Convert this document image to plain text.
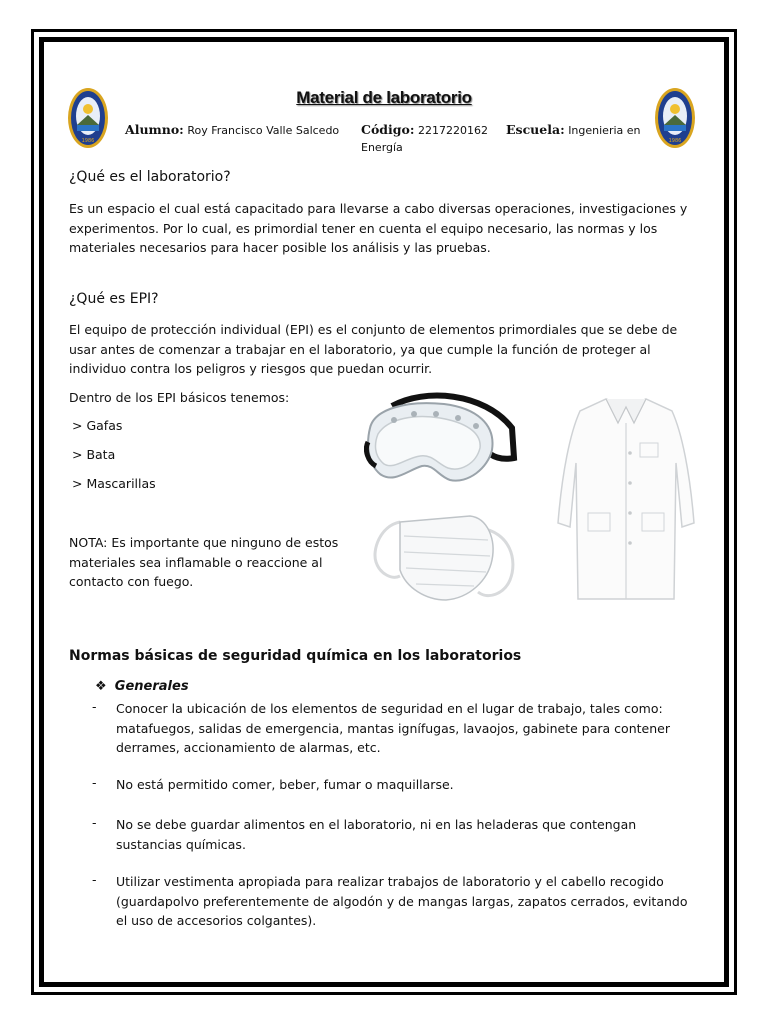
1986	1986
Material de laboratorio
Alumno: Roy Francisco Valle Salcedo Código: 2217220162 Escuela: Ingenieria en
Energía
¿Qué es el laboratorio?
Es un espacio el cual está capacitado para llevarse a cabo diversas operaciones, investigaciones y
experimentos. Por lo cual, es primordial tener en cuenta el equipo necesario, las normas y los
materiales necesarios para hacer posible los análisis y las pruebas.
¿Qué es EPI?
El equipo de protección individual (EPI) es el conjunto de elementos primordiales que se debe de
usar antes de comenzar a trabajar en el laboratorio, ya que cumple la función de proteger al
individuo contra los peligros y riesgos que puedan ocurrir.
Dentro de los EPI básicos tenemos:
> Gafas
> Bata
> Mascarillas
NOTA: Es importante que ninguno de estos
materiales sea inflamable o reaccione al
contacto con fuego.
Normas básicas de seguridad química en los laboratorios
❖ Generales
- Conocer la ubicación de los elementos de seguridad en el lugar de trabajo, tales como:
matafuegos, salidas de emergencia, mantas ignífugas, lavaojos, gabinete para contener
derrames, accionamiento de alarmas, etc.
- No está permitido comer, beber, fumar o maquillarse.
- No se debe guardar alimentos en el laboratorio, ni en las heladeras que contengan
sustancias químicas.
- Utilizar vestimenta apropiada para realizar trabajos de laboratorio y el cabello recogido
(guardapolvo preferentemente de algodón y de mangas largas, zapatos cerrados, evitando
el uso de accesorios colgantes).
